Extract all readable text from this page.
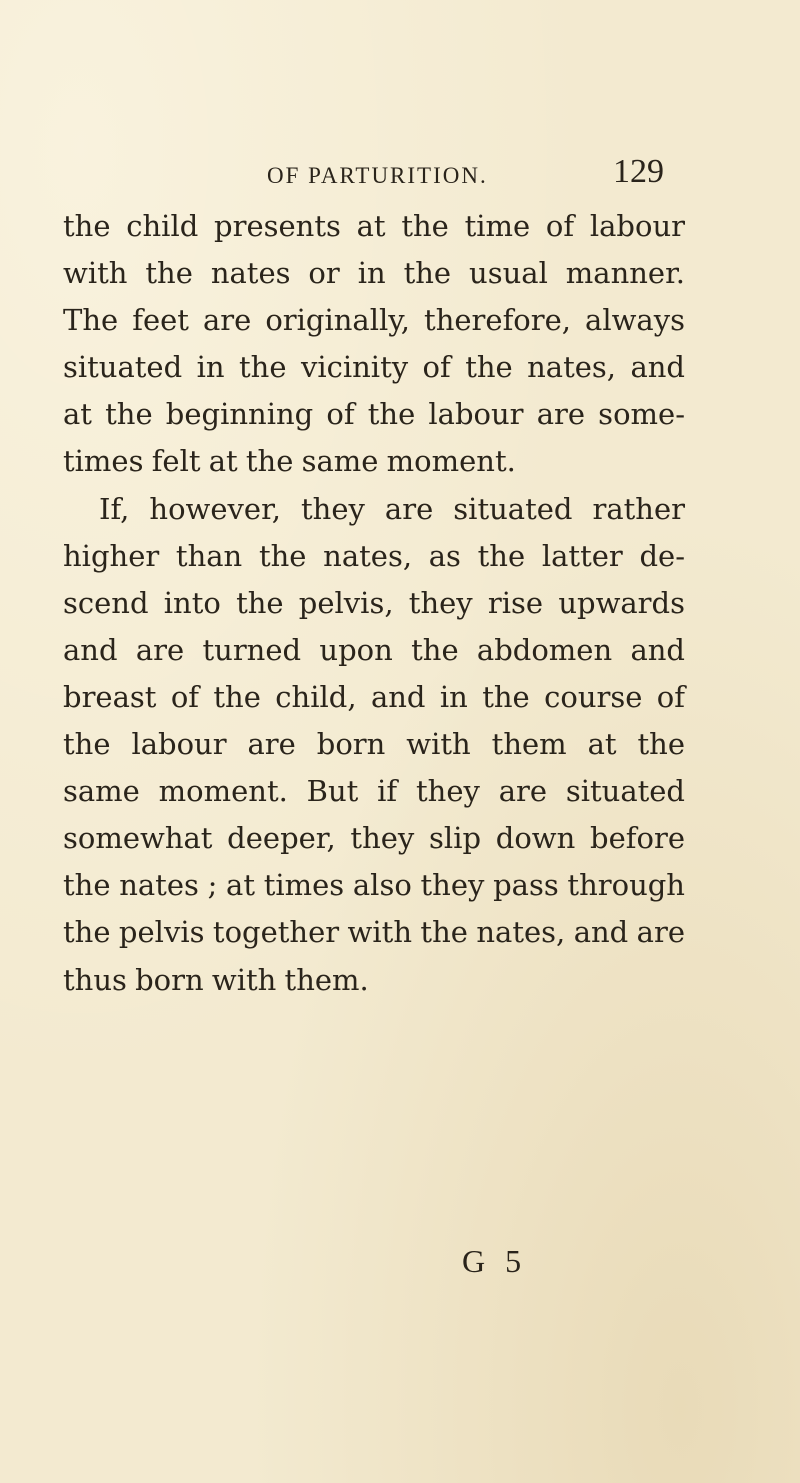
OF PARTURITION.	129
the child presents at the time of labour
with the nates or in the usual manner.
The feet are originally, therefore, always
situated in the vicinity of the nates, and
at the beginning of the labour are some-
times felt at the same moment.
If, however, they are situated rather
higher than the nates, as the latter de-
scend into the pelvis, they rise upwards
and are turned upon the abdomen and
breast of the child, and in the course of
the labour are born with them at the
same moment. But if they are situated
somewhat deeper, they slip down before
the nates ; at times also they pass through
the pelvis together with the nates, and are
thus born with them.
G 5
